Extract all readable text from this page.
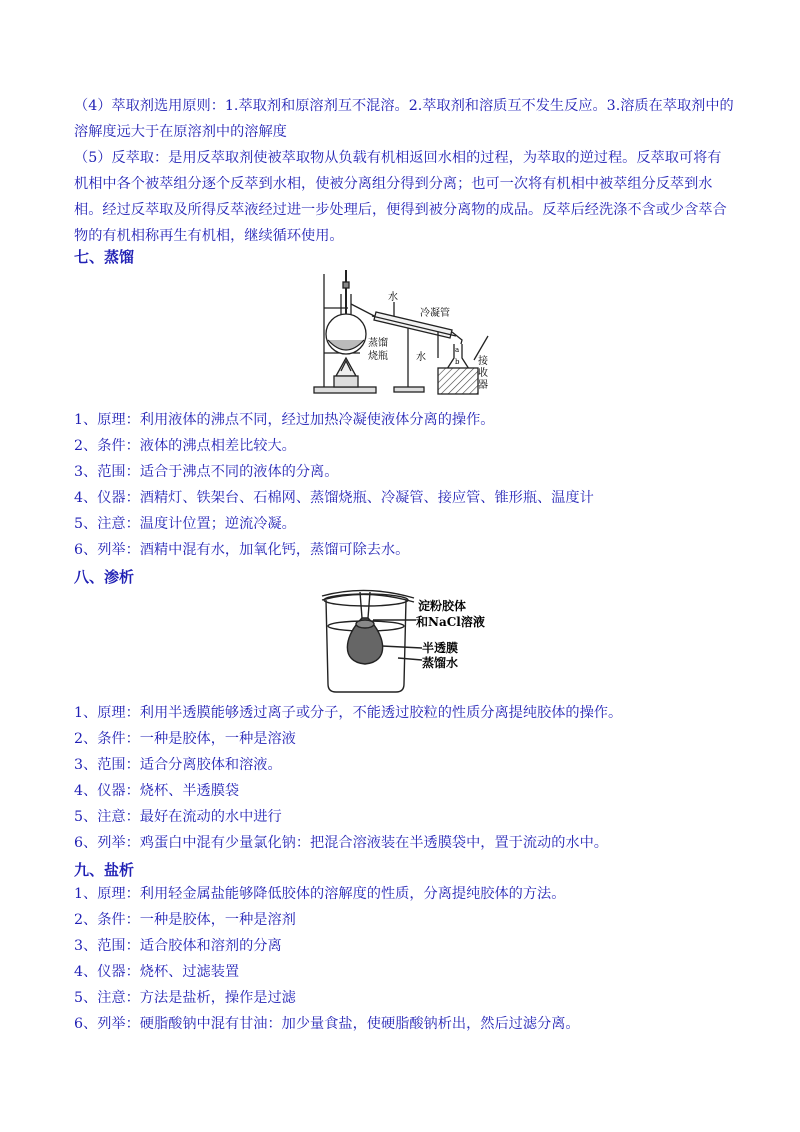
（4）萃取剂选用原则：1.萃取剂和原溶剂互不混溶。2.萃取剂和溶质互不发生反应。3.溶质在萃取剂中的溶解度远大于在原溶剂中的溶解度

（5）反萃取：是用反萃取剂使被萃取物从负载有机相返回水相的过程，为萃取的逆过程。反萃取可将有机相中各个被萃组分逐个反萃到水相，使被分离组分得到分离；也可一次将有机相中被萃组分反萃到水相。经过反萃取及所得反萃液经过进一步处理后，便得到被分离物的成品。反萃后经洗涤不含或少含萃合物的有机相称再生有机相，继续循环使用。

七、蒸馏
水
冷凝管
蒸馏
烧瓶	水
a
b 接
收
器

1、原理：利用液体的沸点不同，经过加热冷凝使液体分离的操作。

2、条件：液体的沸点相差比较大。

3、范围：适合于沸点不同的液体的分离。

4、仪器：酒精灯、铁架台、石棉网、蒸馏烧瓶、冷凝管、接应管、锥形瓶、温度计

5、注意：温度计位置；逆流冷凝。

6、列举：酒精中混有水，加氧化钙，蒸馏可除去水。

八、渗析
淀粉胶体
和NaCl溶液
半透膜
蒸馏水

1、原理：利用半透膜能够透过离子或分子，不能透过胶粒的性质分离提纯胶体的操作。

2、条件：一种是胶体，一种是溶液

3、范围：适合分离胶体和溶液。

4、仪器：烧杯、半透膜袋

5、注意：最好在流动的水中进行

6、列举：鸡蛋白中混有少量氯化钠：把混合溶液装在半透膜袋中，置于流动的水中。

九、盐析

1、原理：利用轻金属盐能够降低胶体的溶解度的性质，分离提纯胶体的方法。

2、条件：一种是胶体，一种是溶剂

3、范围：适合胶体和溶剂的分离

4、仪器：烧杯、过滤装置

5、注意：方法是盐析，操作是过滤

6、列举：硬脂酸钠中混有甘油：加少量食盐，使硬脂酸钠析出，然后过滤分离。
